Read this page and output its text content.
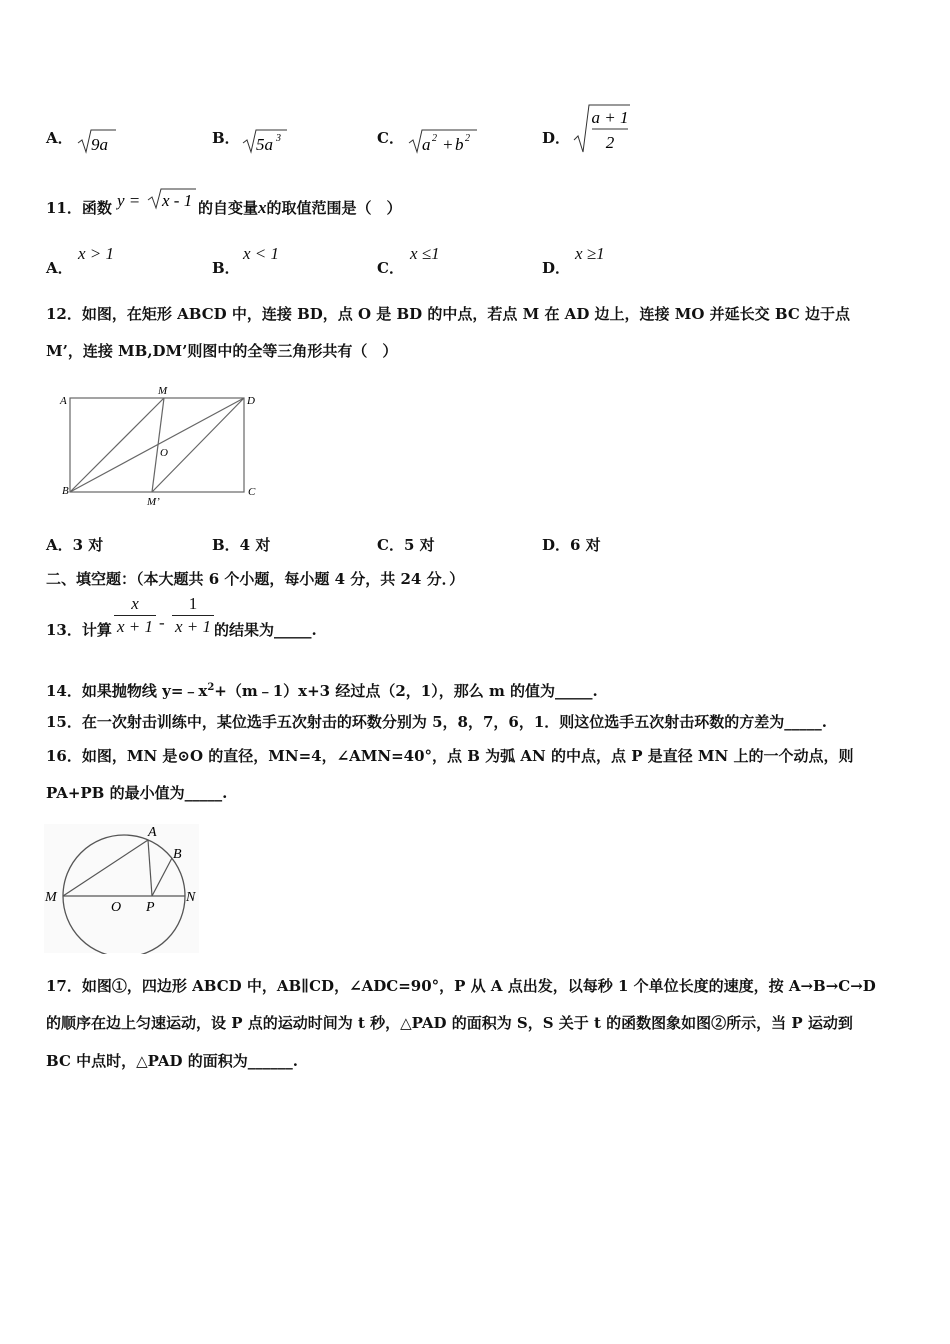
A． 9a	B． 5a 3	C． a 2 + b 2	D．
a + 1
2
11．函数 y = x - 1 的自变量x的取值范围是（　）
A．
x > 1
B．
x < 1
C．
x ≤1
D．
x ≥1
12．如图，在矩形 ABCD 中，连接 BD，点 O 是 BD 的中点，若点 M 在 AD 边上，连接 MO 并延长交 BC 边于点
M’，连接 MB,DM’则图中的全等三角形共有（　）
A
M
D
O
B
M’
C
A．3 对	B．4 对	C．5 对	D．6 对
二、填空题：（本大题共 6 个小题，每小题 4 分，共 24 分．）
13．计算 $\frac{x}{x + 1} - \frac{1}{x + 1}$ 的结果为_____.
14．如果抛物线 $y=﹣x^2+(m﹣1)x+3$ 经过点（2，1），那么 m 的值为_____.
15．在一次射击训练中，某位选手五次射击的环数分别为 5，8，7，6，1．则这位选手五次射击环数的方差为_____.
16．如图，MN 是⊙O 的直径，MN=4，∠AMN=40°，点 B 为弧 AN 的中点，点 P 是直径 MN 上的一个动点，则
PA+PB 的最小值为_____.
A
B
M
O P
N
17．如图①，四边形 ABCD 中，AB∥CD，∠ADC=90°，P 从 A 点出发，以每秒 1 个单位长度的速度，按 A→B→C→D
的顺序在边上匀速运动，设 P 点的运动时间为 t 秒，△PAD 的面积为 S，S 关于 t 的函数图象如图②所示，当 P 运动到
BC 中点时，△PAD 的面积为______.
